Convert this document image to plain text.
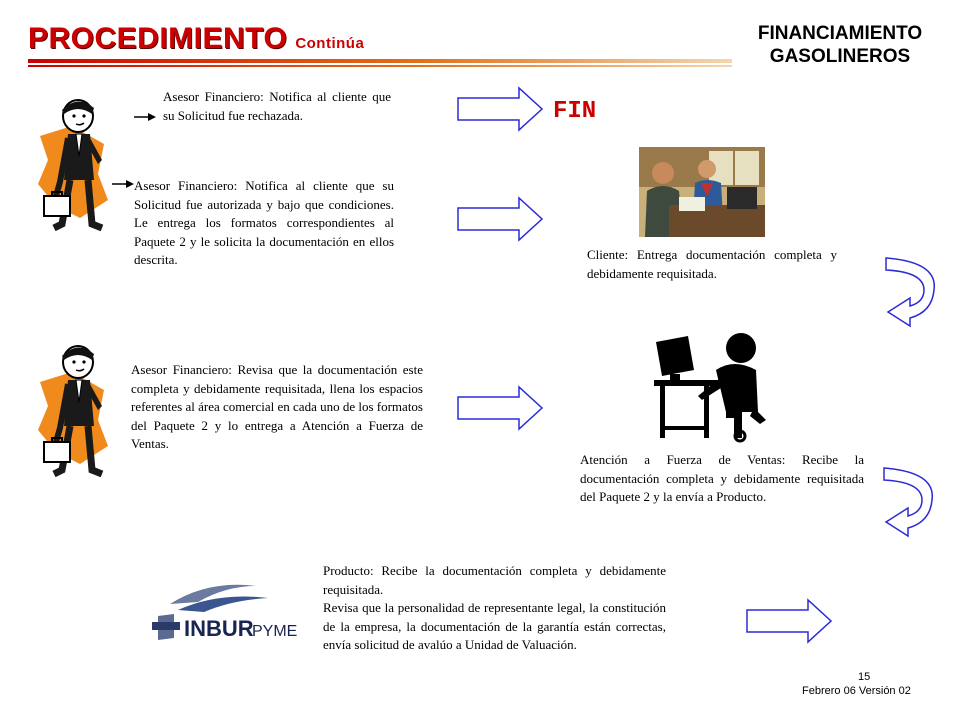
PROCEDIMIENTO Continúa	FINANCIAMIENTO
GASOLINEROS
Asesor Financiero: Notifica al cliente que su Solicitud fue rechazada.
Asesor Financiero: Notifica al cliente que su Solicitud fue autorizada y bajo que condiciones. Le entrega los formatos correspondientes al Paquete 2 y le solicita la documentación en ellos descrita.
FIN
Cliente: Entrega documentación completa y debidamente requisitada.
Asesor Financiero: Revisa que la documentación este completa y debidamente requisitada, llena los espacios referentes al área comercial en cada uno de los formatos del Paquete 2 y lo entrega a Atención a Fuerza de Ventas.
Atención a Fuerza de Ventas: Recibe la documentación completa y debidamente requisitada del Paquete 2 y la envía a Producto.
INBUR
PYME
Producto: Recibe la documentación completa y debidamente requisitada.
Revisa que la personalidad de representante legal, la constitución de la empresa, la documentación de la garantía están correctas, envía solicitud de avalúo a Unidad de Valuación.
15
Febrero 06 Versión 02
